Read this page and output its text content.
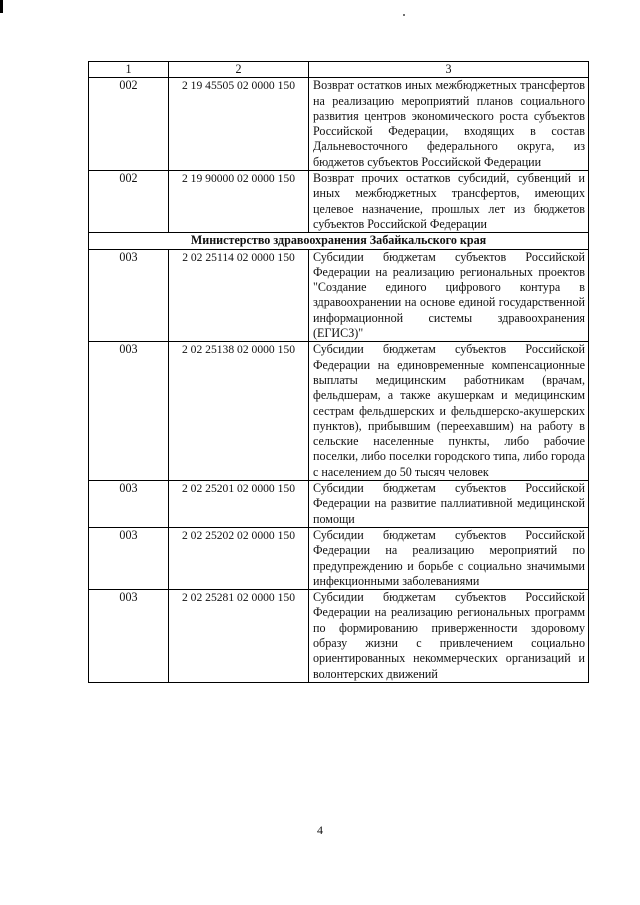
1	2	3
002	2 19 45505 02 0000 150	Возврат остатков иных межбюджетных трансфертов на реализацию мероприятий планов социального развития центров экономического роста субъектов Российской Федерации, входящих в состав Дальневосточного федерального округа, из бюджетов субъектов Российской Федерации
002	2 19 90000 02 0000 150	Возврат прочих остатков субсидий, субвенций и иных межбюджетных трансфертов, имеющих целевое назначение, прошлых лет из бюджетов субъектов Российской Федерации
Министерство здравоохранения Забайкальского края		
003	2 02 25114 02 0000 150	Субсидии бюджетам субъектов Российской Федерации на реализацию региональных проектов "Создание единого цифрового контура в здравоохранении на основе единой государственной информационной системы здравоохранения (ЕГИСЗ)"
003	2 02 25138 02 0000 150	Субсидии бюджетам субъектов Российской Федерации на единовременные компенсационные выплаты медицинским работникам (врачам, фельдшерам, а также акушеркам и медицинским сестрам фельдшерских и фельдшерско-акушерских пунктов), прибывшим (переехавшим) на работу в сельские населенные пункты, либо рабочие поселки, либо поселки городского типа, либо города с населением до 50 тысяч человек
003	2 02 25201 02 0000 150	Субсидии бюджетам субъектов Российской Федерации на развитие паллиативной медицинской помощи
003	2 02 25202 02 0000 150	Субсидии бюджетам субъектов Российской Федерации на реализацию мероприятий по предупреждению и борьбе с социально значимыми инфекционными заболеваниями
003	2 02 25281 02 0000 150	Субсидии бюджетам субъектов Российской Федерации на реализацию региональных программ по формированию приверженности здоровому образу жизни с привлечением социально ориентированных некоммерческих организаций и волонтерских движений
4
